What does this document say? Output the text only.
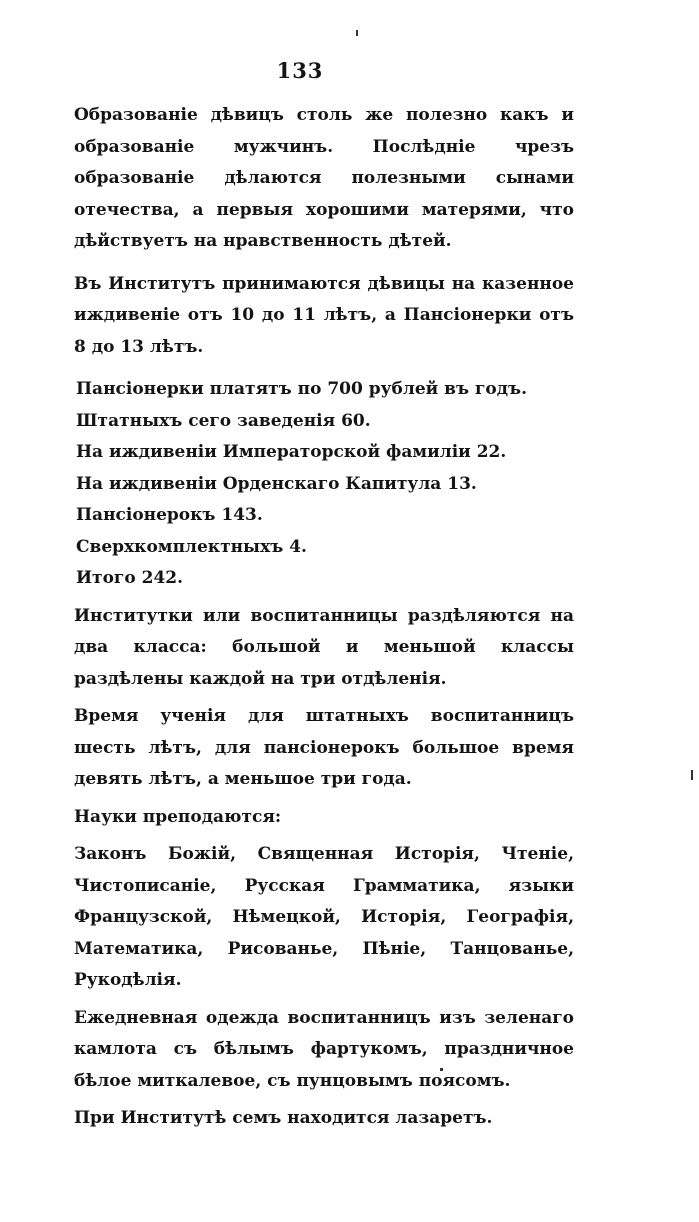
133

Образованіе дѣвицъ столь же полезно какъ и образованіе мужчинъ. Послѣдніе чрезъ образованіе дѣлаются полезными сынами отечества, а первыя хорошими матерями, что дѣйствуетъ на нравственность дѣтей.

Въ Институтъ принимаются дѣвицы на казенное иждивеніе отъ 10 до 11 лѣтъ, а Пансіонерки отъ 8 до 13 лѣтъ.

Пансіонерки платятъ по 700 рублей въ годъ.
Штатныхъ сего заведенія 60.
На иждивеніи Императорской фамиліи 22.
На иждивеніи Орденскаго Капитула 13.
Пансіонерокъ 143.
Сверхкомплектныхъ 4.
Итого 242.

Институтки или воспитанницы раздѣляются на два класса: большой и меньшой классы раздѣлены каждой на три отдѣленія.

Время ученія для штатныхъ воспитанницъ шесть лѣтъ, для пансіонерокъ большое время девять лѣтъ, а меньшое три года.

Науки преподаются:

Законъ Божій, Священная Исторія, Чтеніе, Чистописаніе, Русская Грамматика, языки Французской, Нѣмецкой, Исторія, Географія, Математика, Рисованье, Пѣніе, Танцованье, Рукодѣлія.

Ежедневная одежда воспитанницъ изъ зеленаго камлота съ бѣлымъ фартукомъ, праздничное бѣлое миткалевое, съ пунцовымъ поясомъ.

При Институтѣ семъ находится лазаретъ.
